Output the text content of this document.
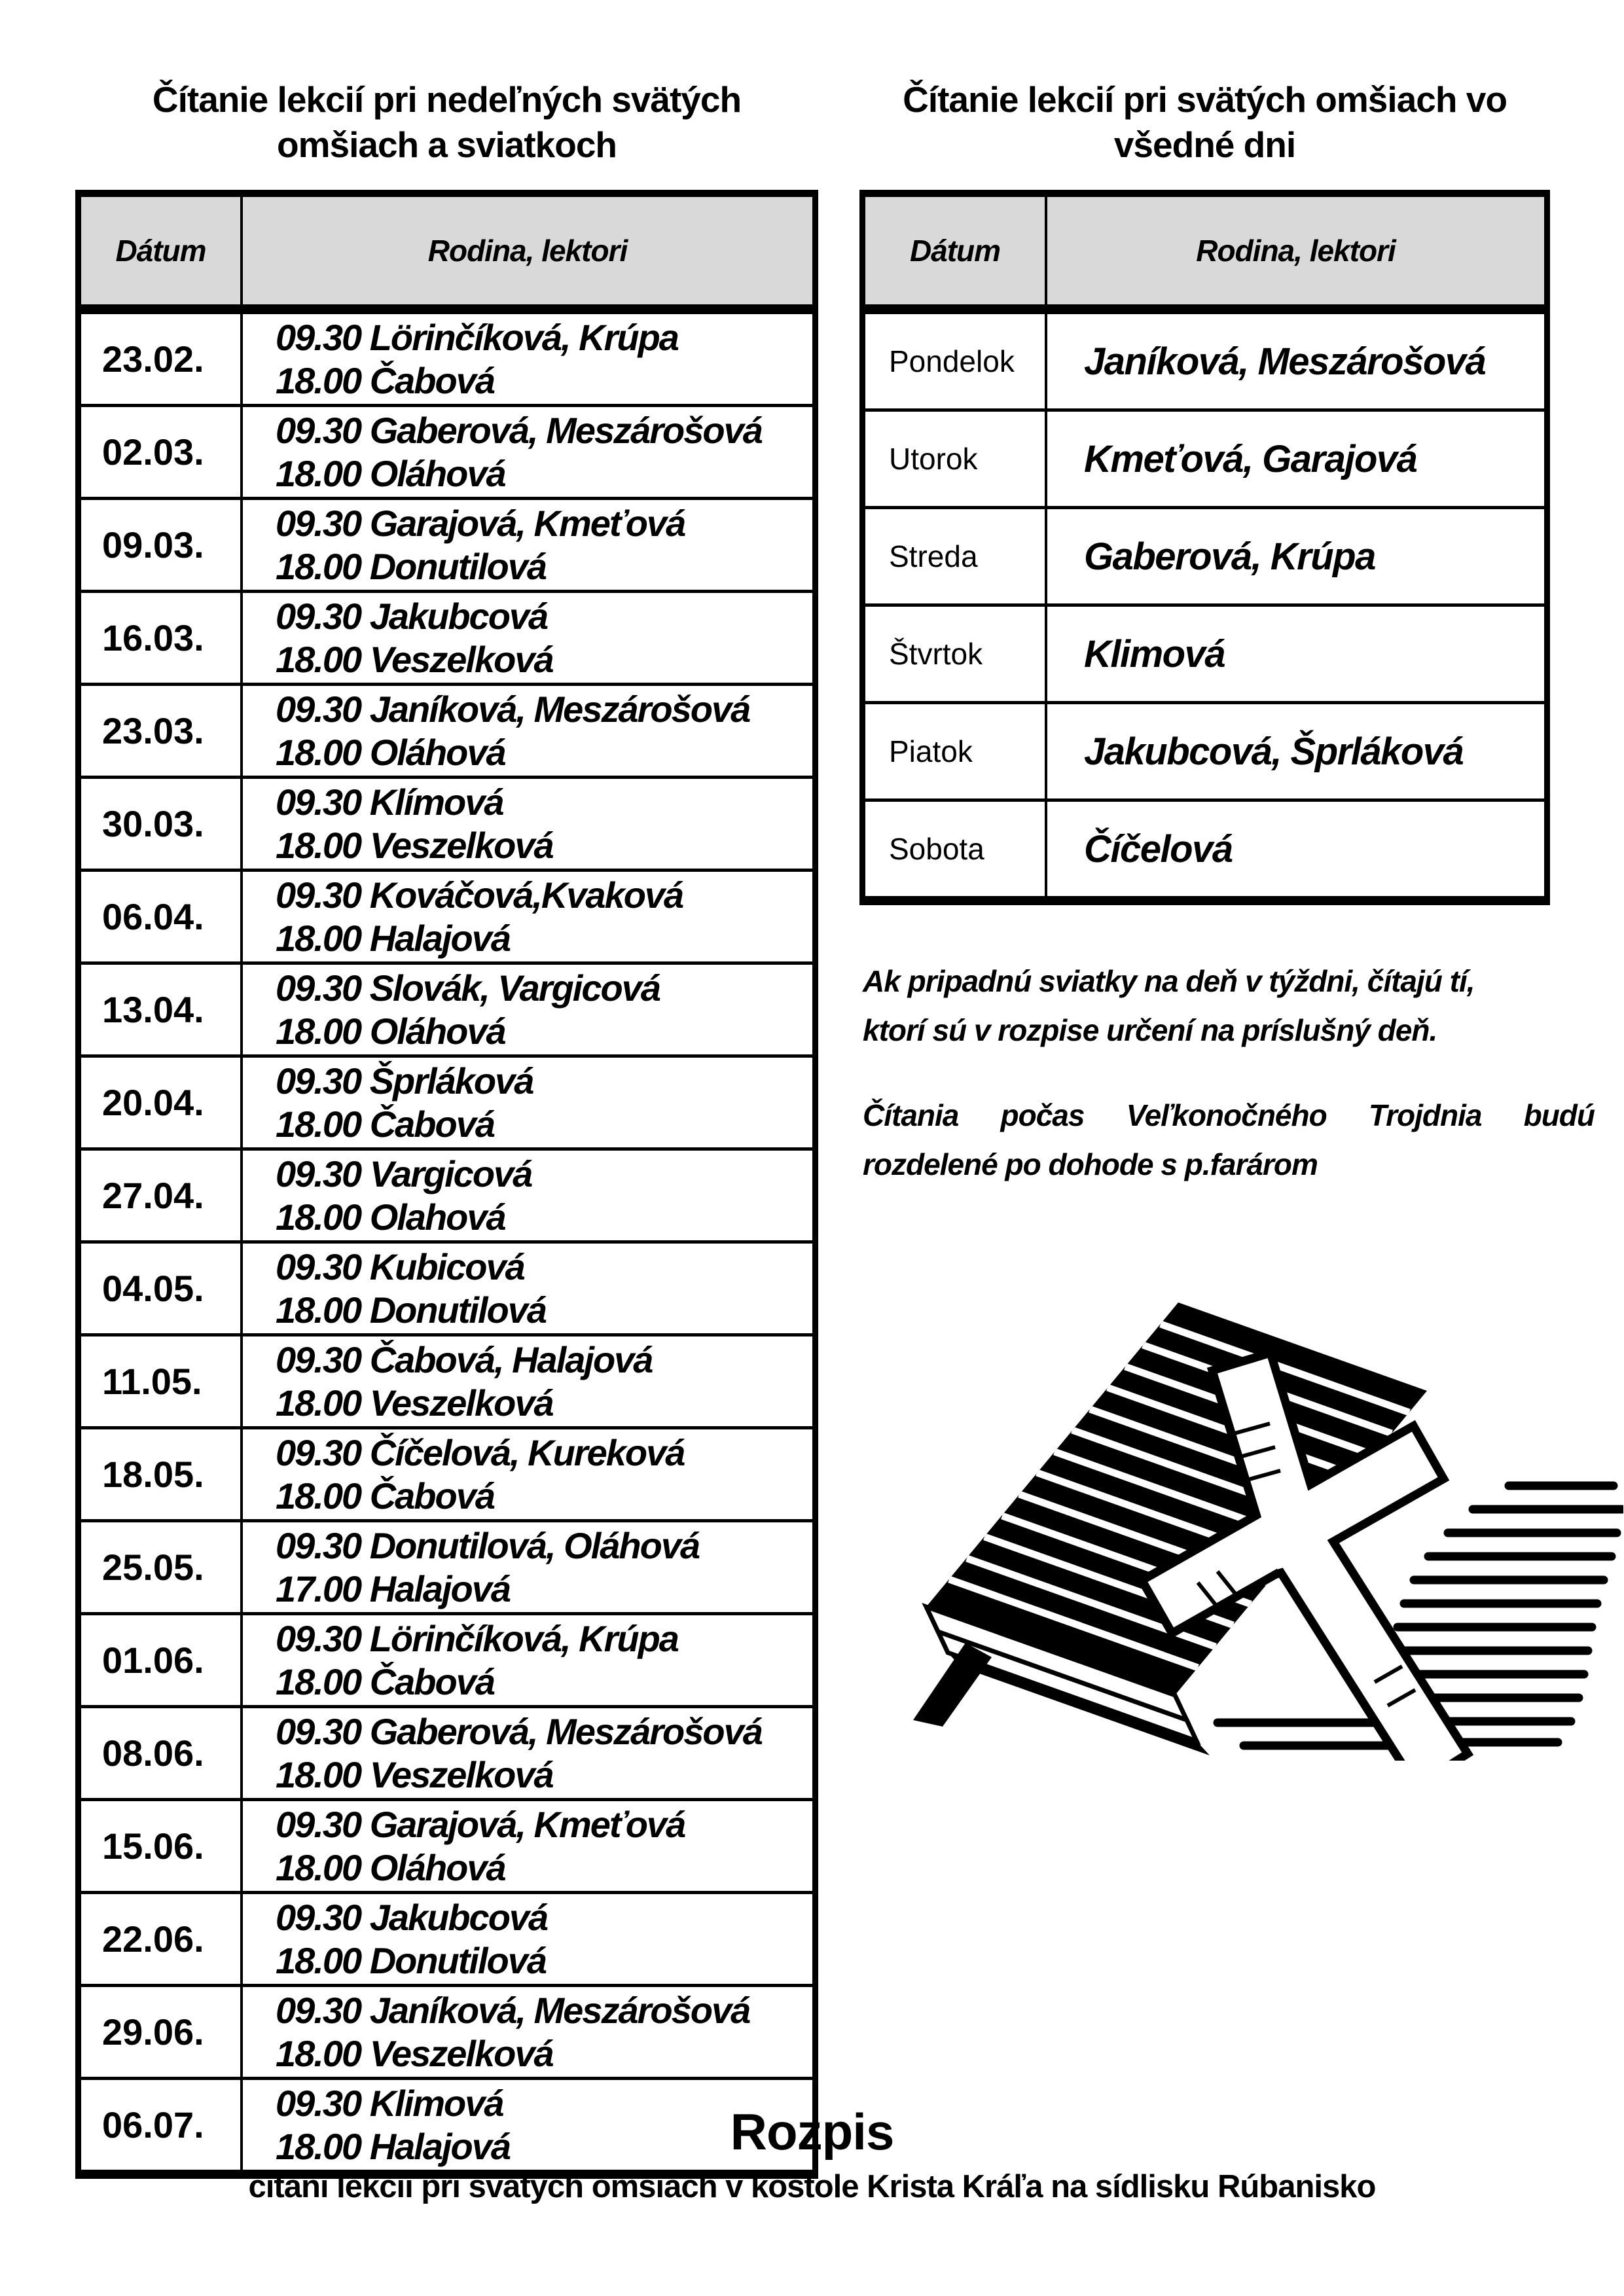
Čítanie lekcií pri nedeľných svätých
omšiach a sviatkoch
Čítanie lekcií pri svätých omšiach vo
všedné dni
Dátum	Rodina, lektori
23.02.	09.30 Lörinčíková, Krúpa
18.00 Čabová

02.03.	09.30 Gaberová, Meszárošová
18.00 Oláhová

09.03.	09.30 Garajová, Kmeťová
18.00 Donutilová

16.03.	09.30 Jakubcová
18.00 Veszelková

23.03.	09.30 Janíková, Meszárošová
18.00 Oláhová

30.03.	09.30 Klímová
18.00 Veszelková

06.04.	09.30 Kováčová,Kvaková
18.00 Halajová

13.04.	09.30 Slovák, Vargicová
18.00 Oláhová

20.04.	09.30 Šprláková
18.00 Čabová

27.04.	09.30 Vargicová
18.00 Olahová

04.05.	09.30 Kubicová
18.00 Donutilová

11.05.	09.30 Čabová, Halajová
18.00 Veszelková

18.05.	09.30 Číčelová, Kureková
18.00 Čabová

25.05.	09.30 Donutilová, Oláhová
17.00 Halajová

01.06.	09.30 Lörinčíková, Krúpa
18.00 Čabová

08.06.	09.30 Gaberová, Meszárošová
18.00 Veszelková

15.06.	09.30 Garajová, Kmeťová
18.00 Oláhová

22.06.	09.30 Jakubcová
18.00 Donutilová

29.06.	09.30 Janíková, Meszárošová
18.00 Veszelková

06.07.	09.30 Klimová
18.00 Halajová
Dátum	Rodina, lektori
Pondelok	Janíková, Meszárošová
Utorok	Kmeťová, Garajová
Streda	Gaberová, Krúpa
Štvrtok	Klimová
Piatok	Jakubcová, Šprláková
Sobota	Číčelová
Ak pripadnú sviatky na deň v týždni, čítajú tí,
ktorí sú v rozpise určení na príslušný deň.
Čítania počas Veľkonočného Trojdnia budú
rozdelené po dohode s p.farárom
Rozpis
čítaní lekcií pri svätých omšiach v kostole Krista Kráľa na sídlisku Rúbanisko
